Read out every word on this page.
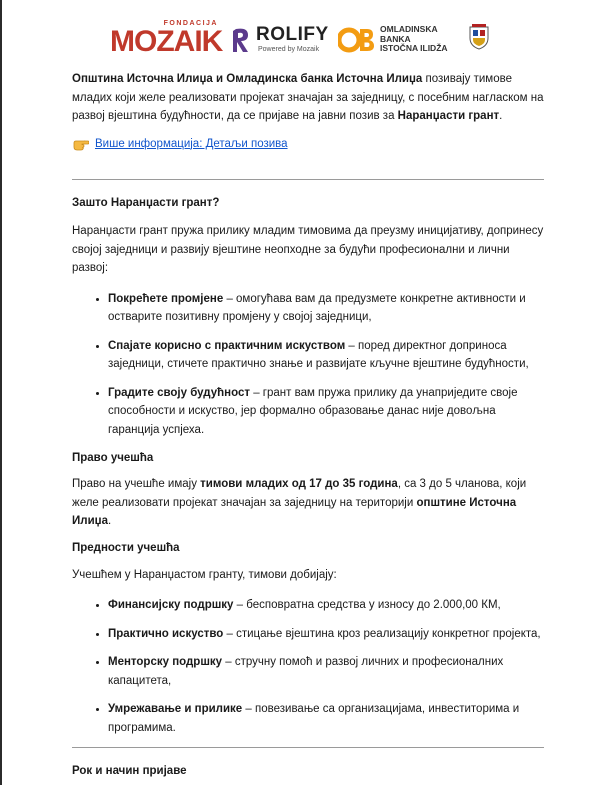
FONDACIJA
MOZAIK ROLIFY
Powered by Mozaik
OMLADINSKA
BANKA
ISTOČNA ILIDŽA

Општина Источна Илиџа и Омладинска банка Источна Илиџа позивају тимове младих који желе реализовати пројекат значајан за заједницу, с посебним нагласком на развој вјештина будућности, да се пријаве на јавни позив за Наранџасти грант.

Више информација: Детаљи позива
Зашто Наранџасти грант?

Наранџасти грант пружа прилику младим тимовима да преузму иницијативу, допринесу својој заједници и развију вјештине неопходне за будући професионални и лични развој:

• Покрећете промјене – омогућава вам да предузмете конкретне активности и остварите позитивну промјену у својој заједници,
• Спајате корисно с практичним искуством – поред директног доприноса заједници, стичете практично знање и развијате кључне вјештине будућности,
• Градите своју будућност – грант вам пружа прилику да унаприједите своје способности и искуство, јер формално образовање данас није довољна гаранција успјеха.
Право учешћа

Право на учешће имају тимови младих од 17 до 35 година, са 3 до 5 чланова, који желе реализовати пројекат значајан за заједницу на територији општине Источна Илиџа.

Предности учешћа

Учешћем у Наранџастом гранту, тимови добијају:

• Финансијску подршку – бесповратна средства у износу до 2.000,00 КМ,
• Практично искуство – стицање вјештина кроз реализацију конкретног пројекта,
• Менторску подршку – стручну помоћ и развој личних и професионалних капацитета,
• Умрежавање и прилике – повезивање са организацијама, инвеститорима и програмима.
Рок и начин пријаве
